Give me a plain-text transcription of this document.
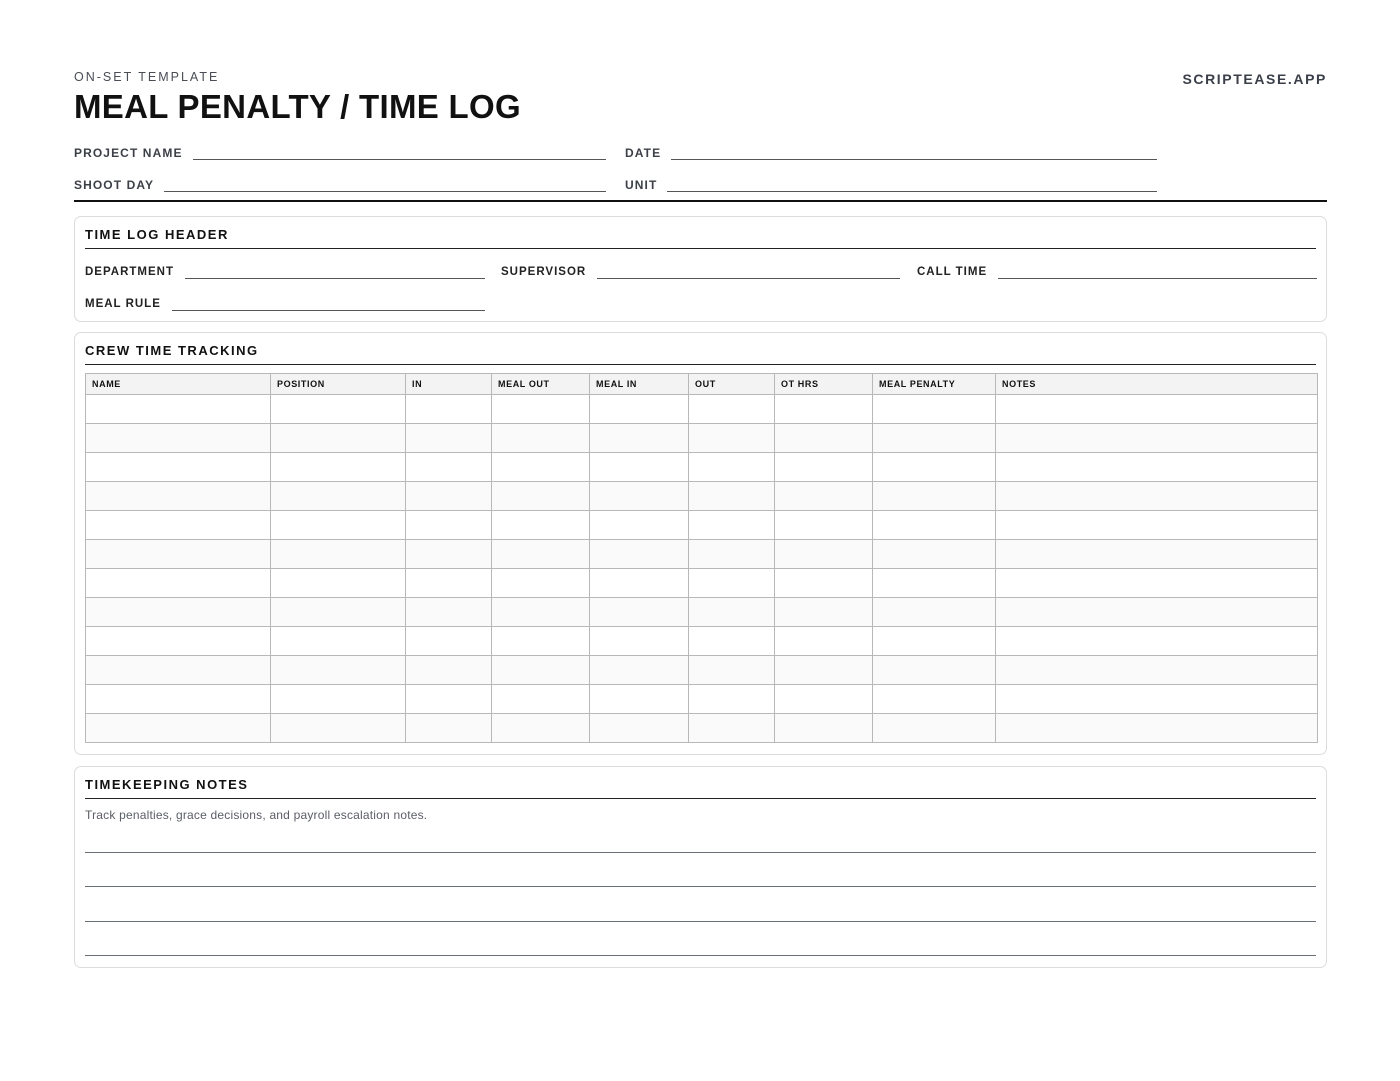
ON-SET TEMPLATE	SCRIPTEASE.APP
MEAL PENALTY / TIME LOG
PROJECT NAME	DATE
SHOOT DAY	UNIT
TIME LOG HEADER
DEPARTMENT	SUPERVISOR	CALL TIME
MEAL RULE
CREW TIME TRACKING
NAME	POSITION	IN	MEAL OUT	MEAL IN	OUT	OT HRS	MEAL PENALTY	NOTES

TIMEKEEPING NOTES
Track penalties, grace decisions, and payroll escalation notes.
